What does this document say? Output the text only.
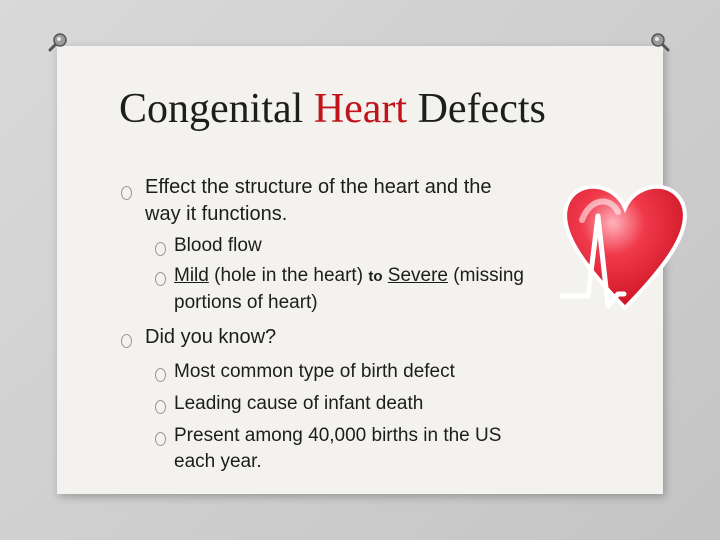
Congenital Heart Defects
Effect the structure of the heart and the
way it functions.
Blood flow
Mild (hole in the heart) to Severe (missing
portions of heart)
Did you know?
Most common type of birth defect
Leading cause of infant death
Present among 40,000 births in the US
each year.
